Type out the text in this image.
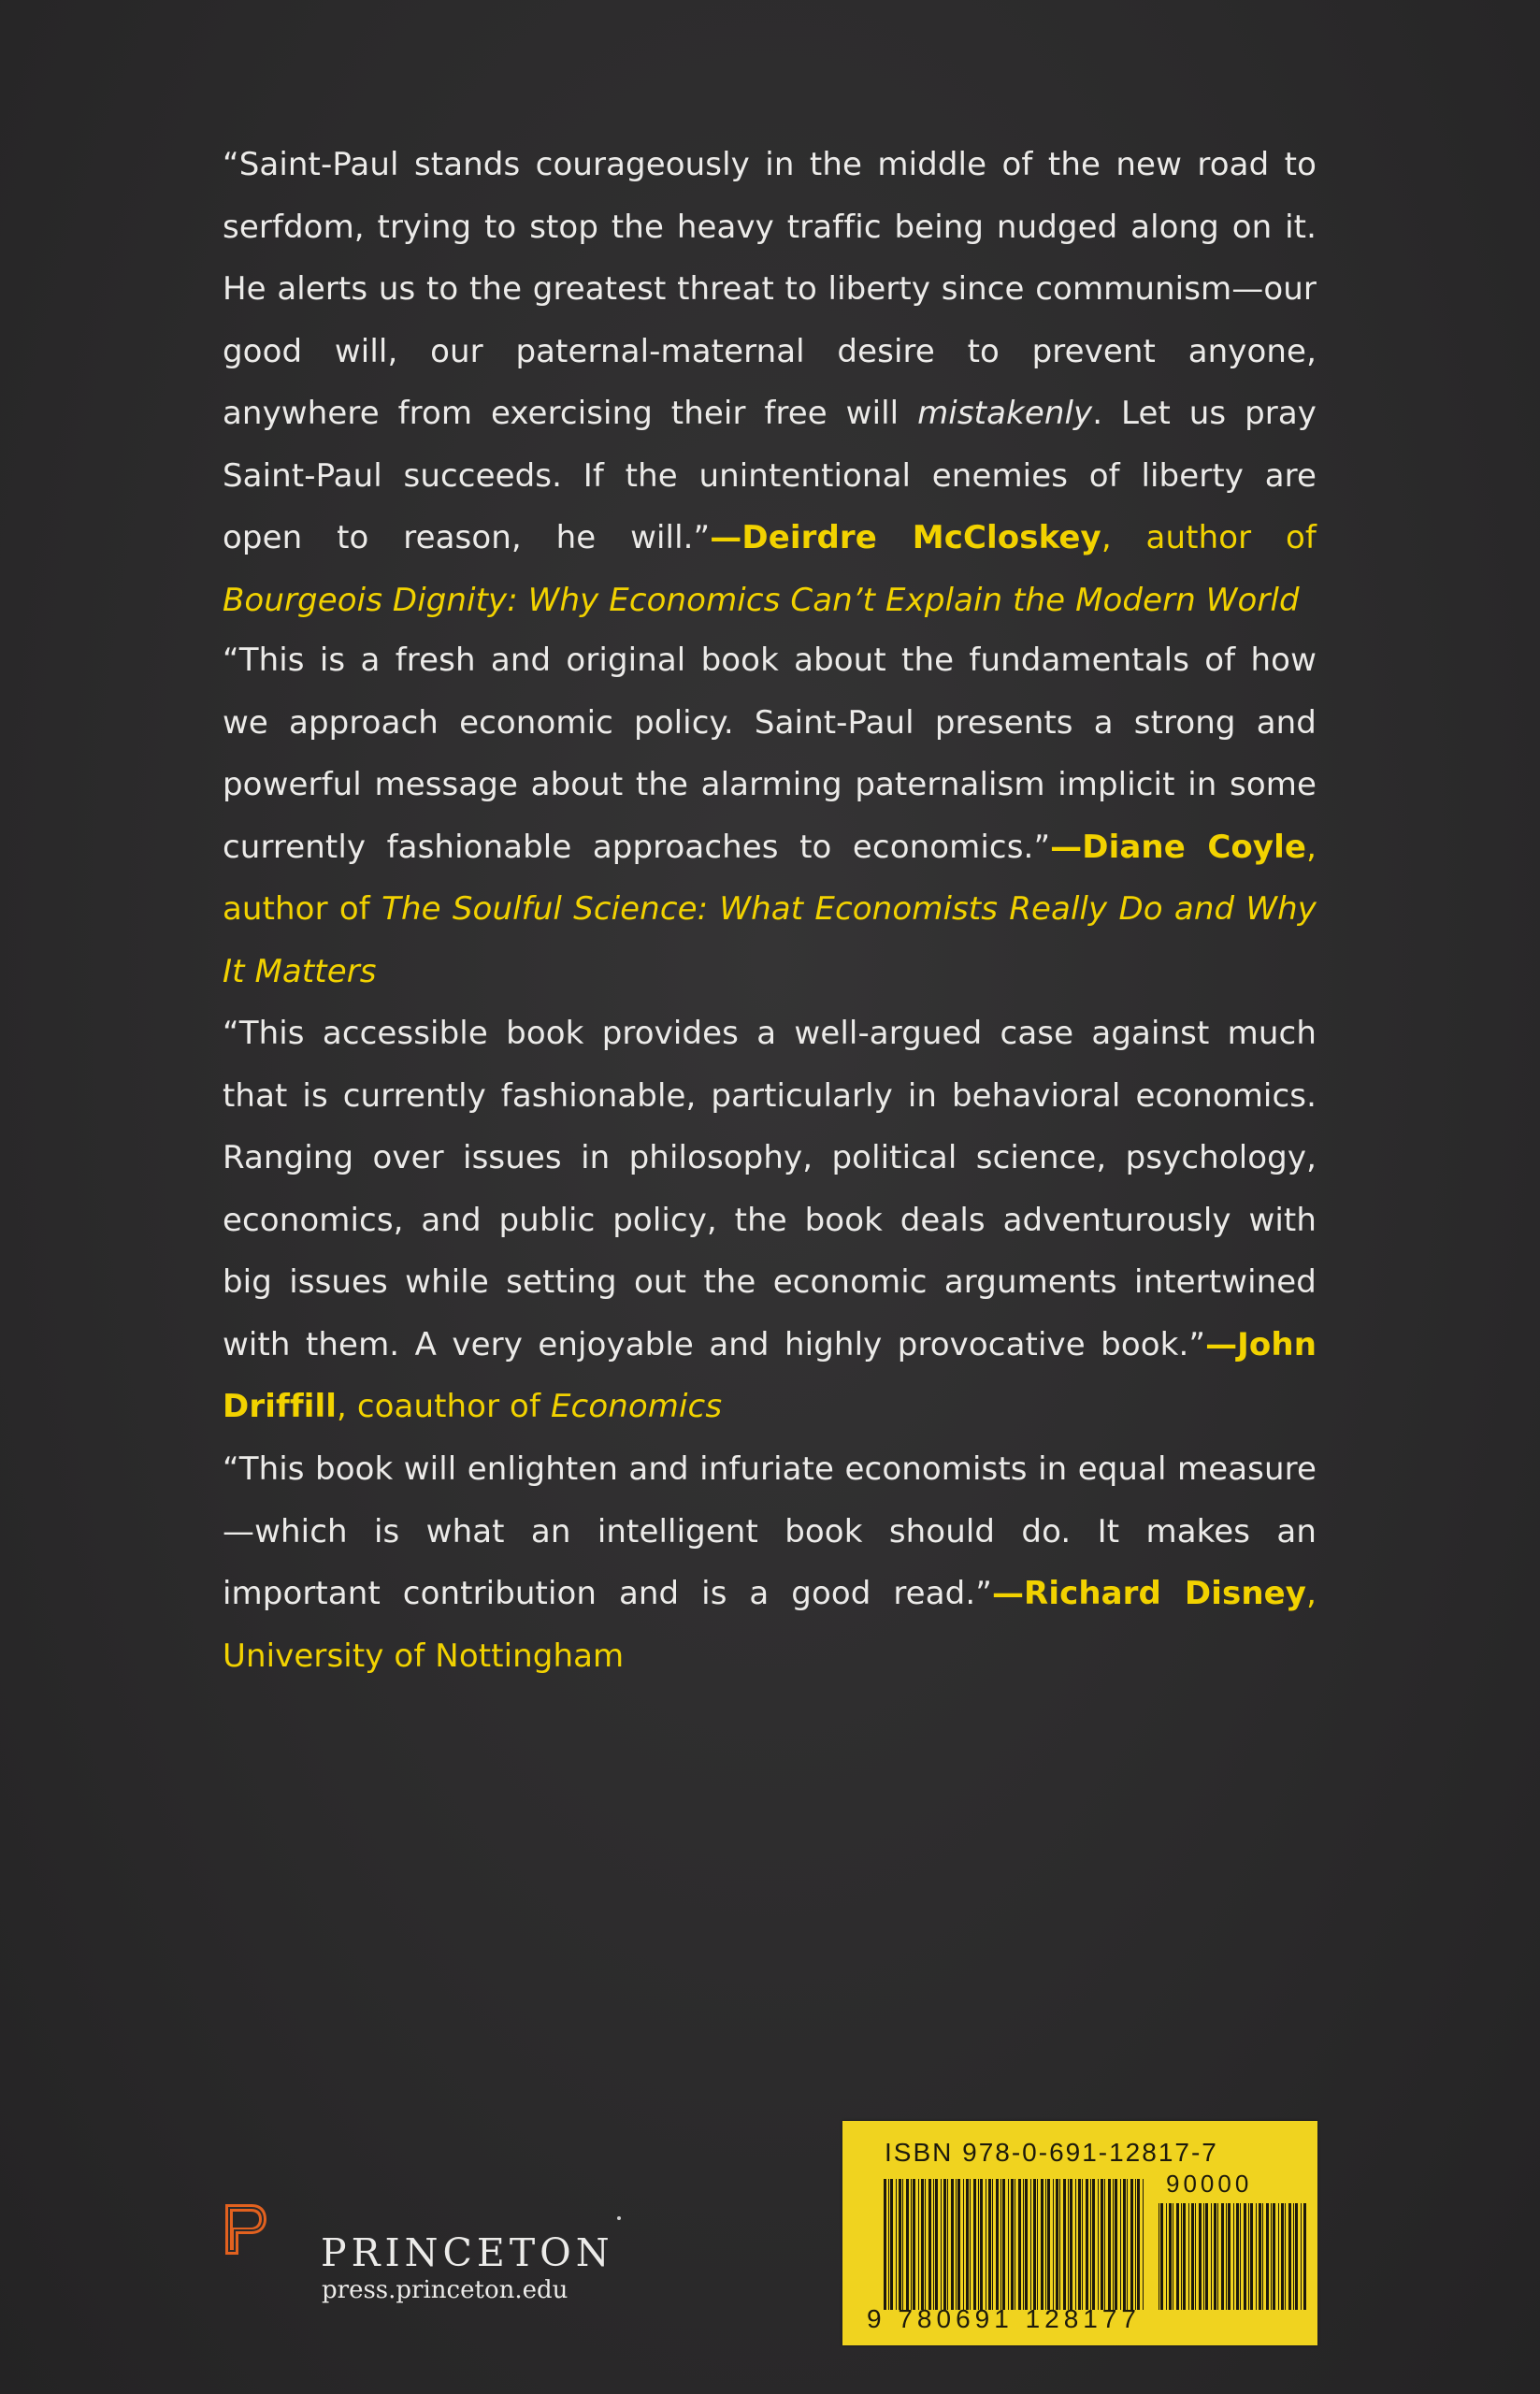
“Saint-Paul stands courageously in the middle of the new road to serfdom, trying to stop the heavy traffic being nudged along on it. He alerts us to the greatest threat to liberty since communism—our good will, our paternal-maternal desire to prevent anyone, anywhere from exercising their free will mistakenly. Let us pray Saint-Paul succeeds. If the unintentional enemies of liberty are open to reason, he will.”—Deirdre McCloskey, author of Bourgeois Dignity: Why Economics Can’t Explain the Modern World
“This is a fresh and original book about the fundamentals of how we approach economic policy. Saint-Paul presents a strong and powerful message about the alarming paternalism implicit in some currently fashionable approaches to economics.”—Diane Coyle, author of The Soulful Science: What Economists Really Do and Why It Matters
“This accessible book provides a well-argued case against much that is currently fashionable, particularly in behavioral economics. Ranging over issues in philosophy, political science, psychology, economics, and public policy, the book deals adventurously with big issues while setting out the economic arguments intertwined with them. A very enjoyable and highly provocative book.”—John Driffill, coauthor of Economics
“This book will enlighten and infuriate economists in equal measure—which is what an intelligent book should do. It makes an important contribution and is a good read.”—Richard Disney, University of Nottingham
PRINCETON
press.princeton.edu
ISBN 978-0-691-12817-7
90000
9 780691 128177
